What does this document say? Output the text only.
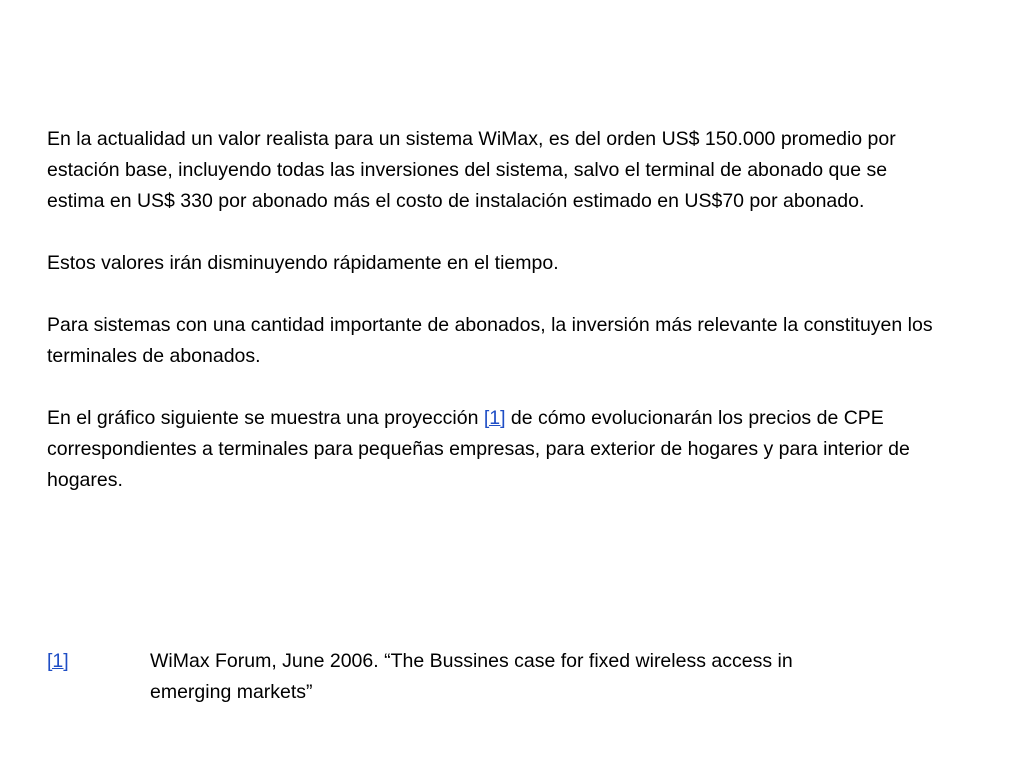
En la actualidad un valor realista para un sistema WiMax, es del orden US$ 150.000 promedio por estación base, incluyendo todas las inversiones del sistema, salvo el terminal de abonado que se estima en US$ 330 por abonado más el costo de instalación estimado en US$70 por abonado.

Estos valores irán disminuyendo rápidamente en el tiempo.

Para sistemas con una cantidad importante de abonados, la inversión más relevante la constituyen los terminales de abonados.

En el gráfico siguiente se muestra una proyección [1] de cómo evolucionarán los precios de CPE correspondientes a terminales para pequeñas empresas, para exterior de hogares y para interior de hogares.

[1]	WiMax Forum, June 2006. “The Bussines case for fixed wireless access in emerging markets”
